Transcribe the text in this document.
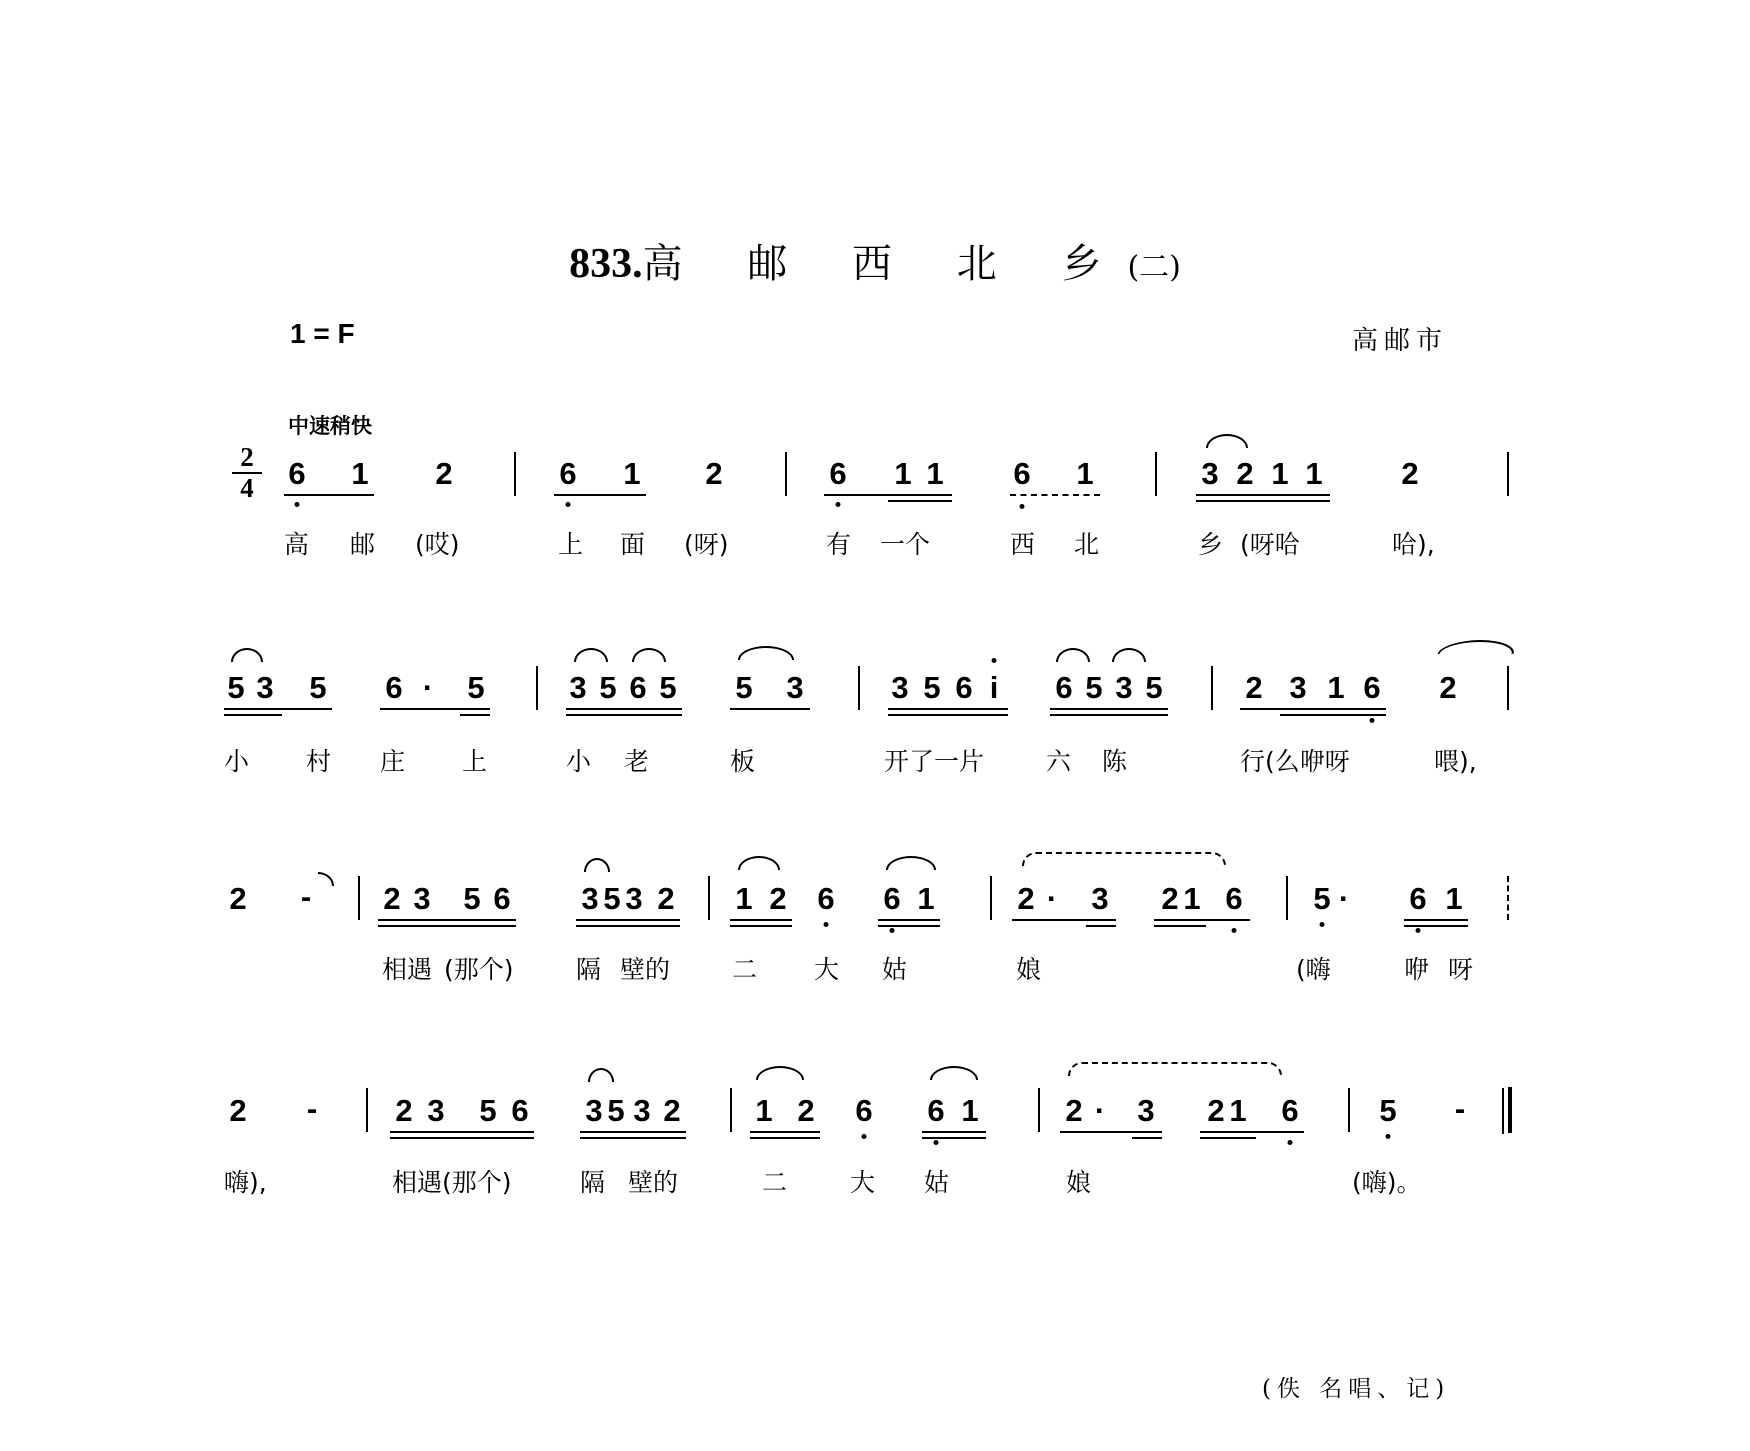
833.高 邮 西 北 乡(二)
1 = F	高邮市
中速稍快
2
4 6 1 2	6 1 2	6 1 1 6 1	3 2 1 1	2
高 邮 (哎)	上 面 (呀)	有 一个	西 北	乡 (呀哈	哈),
5 3 5 6 · 5	3 5 6 5 5 3	3 5 6 i 6 5 3 5	2 3 1 6 2
小 村 庄 上	小 老	板	开了一片 六 陈	行(么咿呀	喂),
2 - 2 3 5 6 3 5 3 2 1 2 6 6 1	2 · 3 2 1 6 5 · 6 1
相遇 (那个) 隔 壁的 二 大 姑	娘	(嗨	咿 呀
2 -	2 3 5 6 3 5 3 2 1 2 6 6 1	2 · 3 2 1 6	5 -
嗨),	相遇(那个)	隔 壁的	二	大 姑	娘	(嗨)。
(佚 名唱、记)
